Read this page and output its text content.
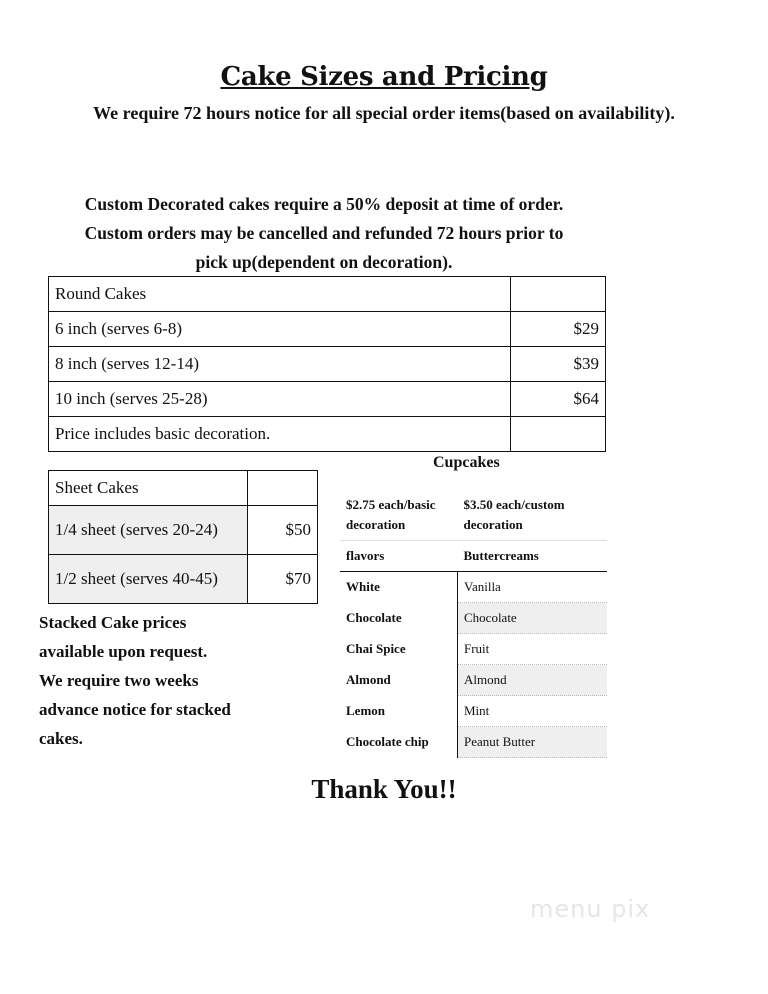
Cake Sizes and Pricing
We require 72 hours notice for all special order items(based on availability).
Custom Decorated cakes require a 50% deposit at time of order.
Custom orders may be cancelled and refunded 72 hours prior to
pick up(dependent on decoration).
Round Cakes	
6 inch (serves 6-8)	$29
8 inch (serves 12-14)	$39
10 inch (serves 25-28)	$64
Price includes basic decoration.	
Sheet Cakes	
1/4 sheet (serves 20-24)	$50
1/2 sheet (serves 40-45)	$70
Stacked Cake prices
available upon request.
We require two weeks
advance notice for stacked
cakes.
Cupcakes
$2.75 each/basic decoration	$3.50 each/custom decoration
flavors	Buttercreams
White	Vanilla
Chocolate	Chocolate
Chai Spice	Fruit
Almond	Almond
Lemon	Mint
Chocolate chip	Peanut Butter
Thank You!!
menu pix
